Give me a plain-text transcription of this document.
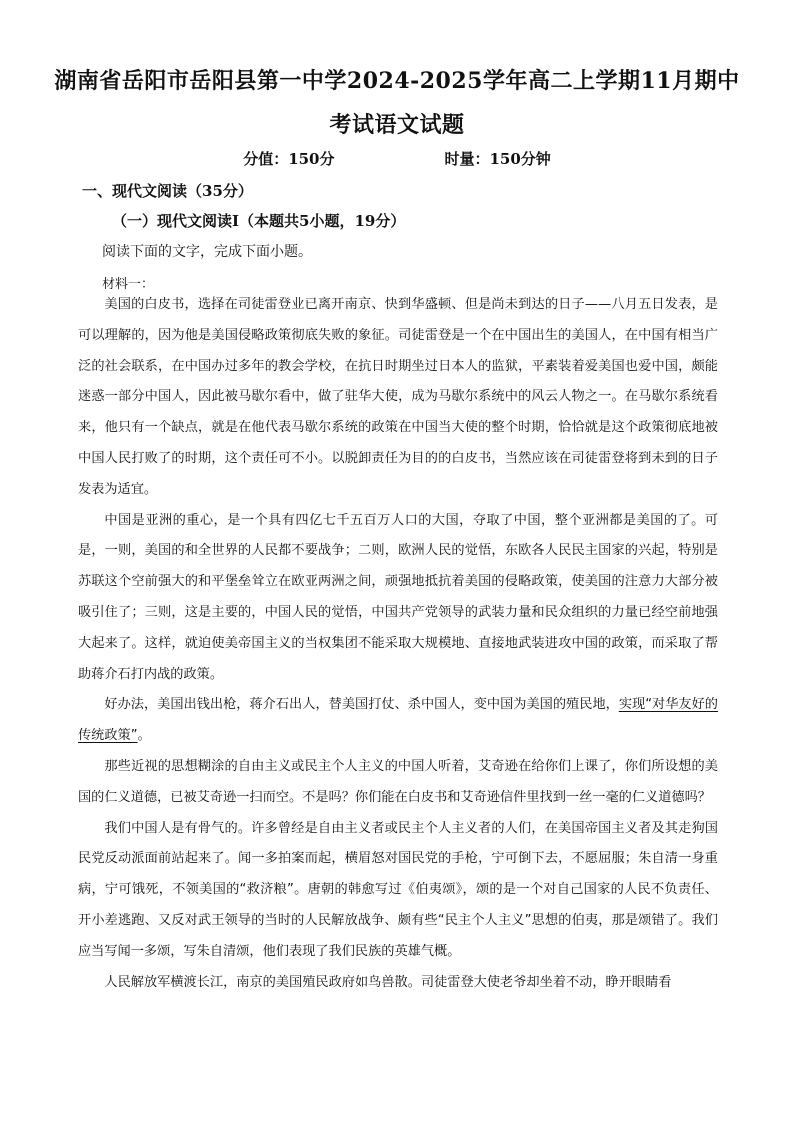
湖南省岳阳市岳阳县第一中学2024-2025学年高二上学期11月期中
考试语文试题
分值：150分	时量：150分钟
一、现代文阅读（35分）
（一）现代文阅读Ⅰ（本题共5小题，19分）
阅读下面的文字，完成下面小题。
材料一：

美国的白皮书，选择在司徒雷登业已离开南京、快到华盛顿、但是尚未到达的日子——八月五日发表，是可以理解的，因为他是美国侵略政策彻底失败的象征。司徒雷登是一个在中国出生的美国人，在中国有相当广泛的社会联系，在中国办过多年的教会学校，在抗日时期坐过日本人的监狱，平素装着爱美国也爱中国，颇能迷惑一部分中国人，因此被马歇尔看中，做了驻华大使，成为马歇尔系统中的风云人物之一。在马歇尔系统看来，他只有一个缺点，就是在他代表马歇尔系统的政策在中国当大使的整个时期，恰恰就是这个政策彻底地被中国人民打败了的时期，这个责任可不小。以脱卸责任为目的的白皮书，当然应该在司徒雷登将到未到的日子发表为适宜。

中国是亚洲的重心，是一个具有四亿七千五百万人口的大国，夺取了中国，整个亚洲都是美国的了。可是，一则，美国的和全世界的人民都不要战争；二则，欧洲人民的觉悟，东欧各人民民主国家的兴起，特别是苏联这个空前强大的和平堡垒耸立在欧亚两洲之间，顽强地抵抗着美国的侵略政策，使美国的注意力大部分被吸引住了；三则，这是主要的，中国人民的觉悟，中国共产党领导的武装力量和民众组织的力量已经空前地强大起来了。这样，就迫使美帝国主义的当权集团不能采取大规模地、直接地武装进攻中国的政策，而采取了帮助蒋介石打内战的政策。

好办法，美国出钱出枪，蒋介石出人，替美国打仗、杀中国人，变中国为美国的殖民地，实现“对华友好的传统政策”。

那些近视的思想糊涂的自由主义或民主个人主义的中国人听着，艾奇逊在给你们上课了，你们所设想的美国的仁义道德，已被艾奇逊一扫而空。不是吗？你们能在白皮书和艾奇逊信件里找到一丝一毫的仁义道德吗？

我们中国人是有骨气的。许多曾经是自由主义者或民主个人主义者的人们，在美国帝国主义者及其走狗国民党反动派面前站起来了。闻一多拍案而起，横眉怒对国民党的手枪，宁可倒下去，不愿屈服；朱自清一身重病，宁可饿死，不领美国的“救济粮”。唐朝的韩愈写过《伯夷颂》，颂的是一个对自己国家的人民不负责任、开小差逃跑、又反对武王领导的当时的人民解放战争、颇有些“民主个人主义”思想的伯夷，那是颂错了。我们应当写闻一多颂，写朱自清颂，他们表现了我们民族的英雄气概。

人民解放军横渡长江，南京的美国殖民政府如鸟兽散。司徒雷登大使老爷却坐着不动，睁开眼睛看
